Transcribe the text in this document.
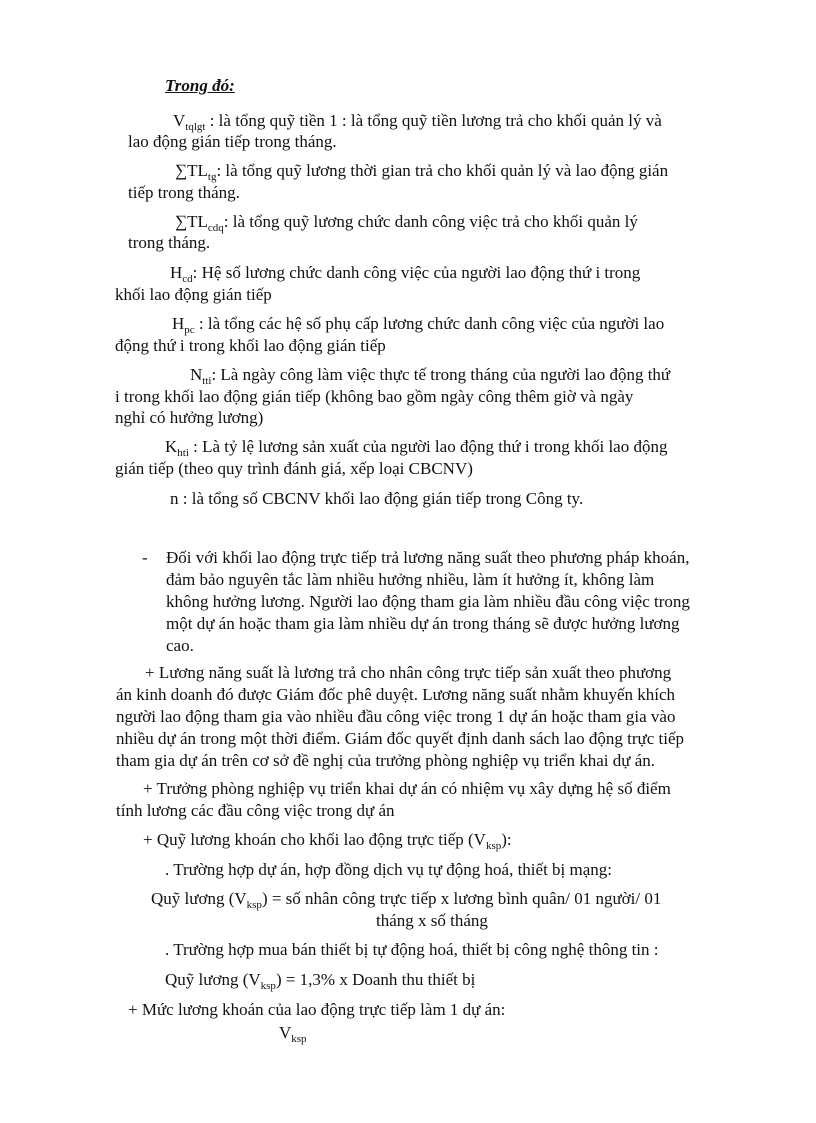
Trong đó:
$V_{tqlgt}$ : là tổng quỹ tiền 1 : là tổng quỹ tiền lương trả cho khối quản lý và
lao động gián tiếp trong tháng.
$\sum TL_{tg}$: là tổng quỹ lương thời gian trả cho khối quản lý và lao động gián
tiếp trong tháng.
$\sum TL_{cdq}$: là tổng quỹ lương chức danh công việc trả cho khối quản lý
trong tháng.
$H_{cd}$: Hệ số lương chức danh công việc của người lao động thứ i trong
khối lao động gián tiếp
$H_{pc}$ : là tổng các hệ số phụ cấp lương chức danh công việc của người lao
động thứ i trong khối lao động gián tiếp
$N_{tti}$: Là ngày công làm việc thực tế trong tháng của người lao động thứ
i trong khối lao động gián tiếp (không bao gồm ngày công thêm giờ và ngày
nghỉ có hưởng lương)
$K_{hti}$ : Là tỷ lệ lương sản xuất của người lao động thứ i trong khối lao động
gián tiếp (theo quy trình đánh giá, xếp loại CBCNV)
n : là tổng số CBCNV khối lao động gián tiếp trong Công ty.
- Đối với khối lao động trực tiếp trả lương năng suất theo phương pháp khoán,
đảm bảo nguyên tắc làm nhiều hưởng nhiều, làm ít hưởng ít, không làm
không hưởng lương. Người lao động tham gia làm nhiều đầu công việc trong
một dự án hoặc tham gia làm nhiều dự án trong tháng sẽ được hưởng lương
cao.
+ Lương năng suất là lương trả cho nhân công trực tiếp sản xuất theo phương
án kinh doanh đó được Giám đốc phê duyệt. Lương năng suất nhằm khuyến khích
người lao động tham gia vào nhiều đầu công việc trong 1 dự án hoặc tham gia vào
nhiều dự án trong một thời điểm. Giám đốc quyết định danh sách lao động trực tiếp
tham gia dự án trên cơ sở đề nghị của trưởng phòng nghiệp vụ triển khai dự án.
+ Trưởng phòng nghiệp vụ triển khai dự án có nhiệm vụ xây dựng hệ số điểm
tính lương các đầu công việc trong dự án
+ Quỹ lương khoán cho khối lao động trực tiếp $(V_{ksp})$:
. Trường hợp dự án, hợp đồng dịch vụ tự động hoá, thiết bị mạng:
Quỹ lương $(V_{ksp})$ = số nhân công trực tiếp x lương bình quân/ 01 người/ 01
tháng x số tháng
. Trường hợp mua bán thiết bị tự động hoá, thiết bị công nghệ thông tin :
Quỹ lương $(V_{ksp}) = 1,3\%$ x Doanh thu thiết bị
+ Mức lương khoán của lao động trực tiếp làm 1 dự án:
$V_{ksp}$
